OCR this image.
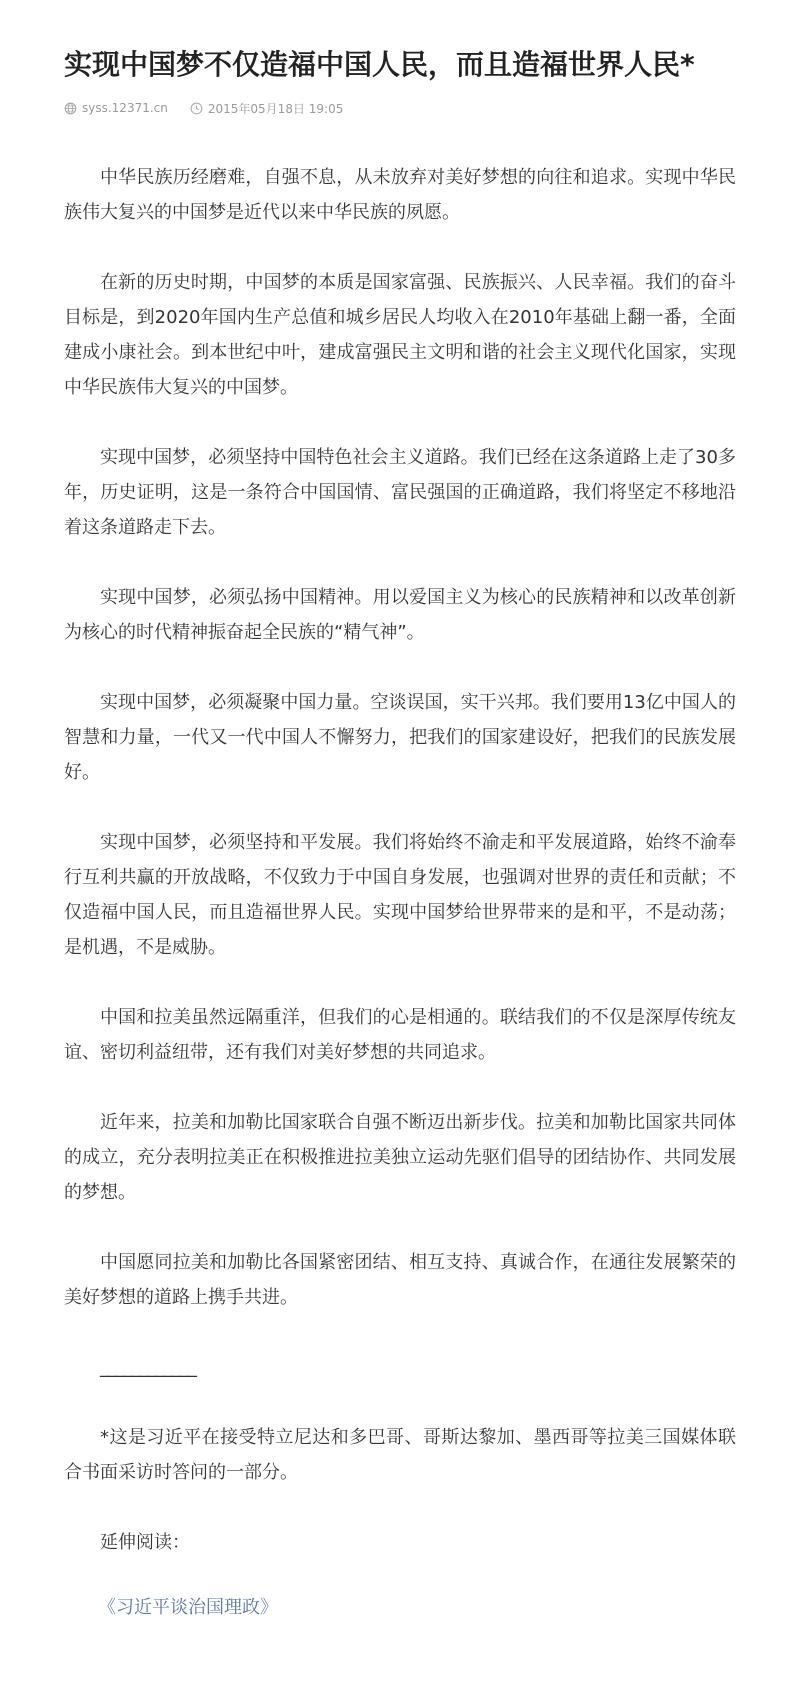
实现中国梦不仅造福中国人民，而且造福世界人民*
syss.12371.cn	2015年05月18日 19:05

中华民族历经磨难，自强不息，从未放弃对美好梦想的向往和追求。实现中华民族伟大复兴的中国梦是近代以来中华民族的夙愿。

在新的历史时期，中国梦的本质是国家富强、民族振兴、人民幸福。我们的奋斗目标是，到2020年国内生产总值和城乡居民人均收入在2010年基础上翻一番，全面建成小康社会。到本世纪中叶，建成富强民主文明和谐的社会主义现代化国家，实现中华民族伟大复兴的中国梦。

实现中国梦，必须坚持中国特色社会主义道路。我们已经在这条道路上走了30多年，历史证明，这是一条符合中国国情、富民强国的正确道路，我们将坚定不移地沿着这条道路走下去。

实现中国梦，必须弘扬中国精神。用以爱国主义为核心的民族精神和以改革创新为核心的时代精神振奋起全民族的“精气神”。

实现中国梦，必须凝聚中国力量。空谈误国，实干兴邦。我们要用13亿中国人的智慧和力量，一代又一代中国人不懈努力，把我们的国家建设好，把我们的民族发展好。

实现中国梦，必须坚持和平发展。我们将始终不渝走和平发展道路，始终不渝奉行互利共赢的开放战略，不仅致力于中国自身发展，也强调对世界的责任和贡献；不仅造福中国人民，而且造福世界人民。实现中国梦给世界带来的是和平，不是动荡；是机遇，不是威胁。

中国和拉美虽然远隔重洋，但我们的心是相通的。联结我们的不仅是深厚传统友谊、密切利益纽带，还有我们对美好梦想的共同追求。

近年来，拉美和加勒比国家联合自强不断迈出新步伐。拉美和加勒比国家共同体的成立，充分表明拉美正在积极推进拉美独立运动先驱们倡导的团结协作、共同发展的梦想。

中国愿同拉美和加勒比各国紧密团结、相互支持、真诚合作，在通往发展繁荣的美好梦想的道路上携手共进。

____________

*这是习近平在接受特立尼达和多巴哥、哥斯达黎加、墨西哥等拉美三国媒体联合书面采访时答问的一部分。

延伸阅读：

《习近平谈治国理政》
